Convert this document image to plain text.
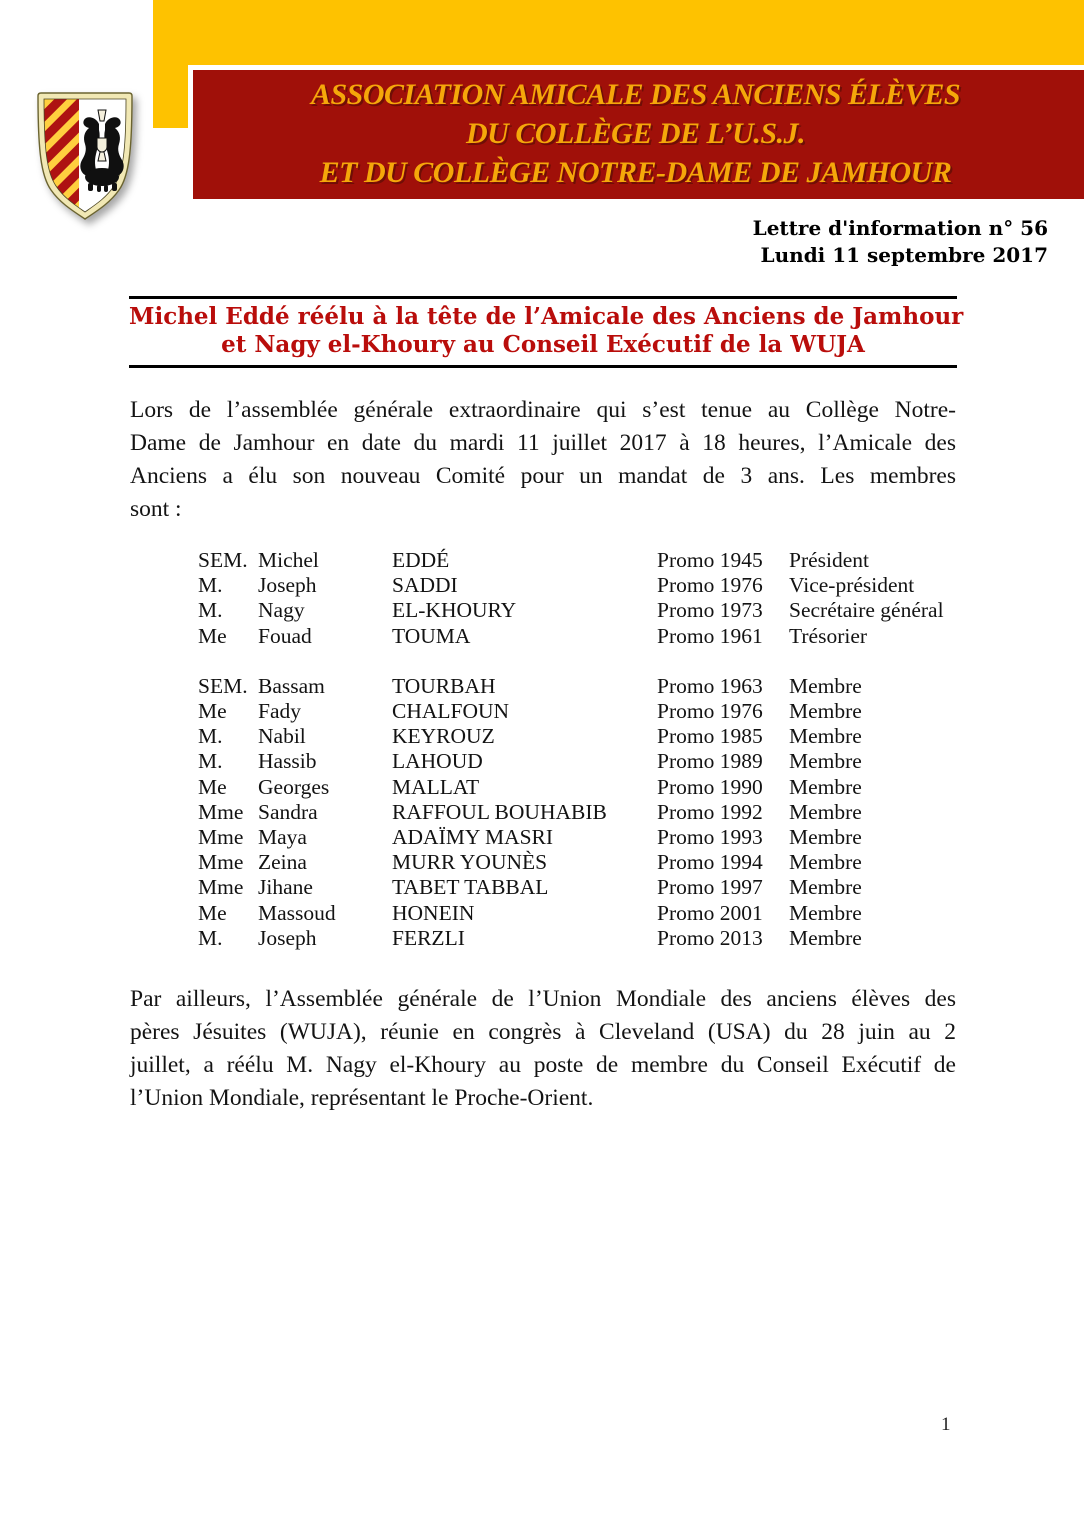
ASSOCIATION AMICALE DES ANCIENS ÉLÈVES
DU COLLÈGE DE L’U.S.J.
ET DU COLLÈGE NOTRE-DAME DE JAMHOUR
Lettre d'information n° 56
Lundi 11 septembre 2017
Michel Eddé réélu à la tête de l’Amicale des Anciens de Jamhour
et Nagy el-Khoury au Conseil Exécutif de la WUJA
Lors de l’assemblée générale extraordinaire qui s’est tenue au Collège Notre-
Dame de Jamhour en date du mardi 11 juillet 2017 à 18 heures, l’Amicale des
Anciens a élu son nouveau Comité pour un mandat de 3 ans. Les membres
sont :
SEM. Michel	EDDÉ	Promo 1945	Président
M.	Joseph	SADDI	Promo 1976	Vice-président
M.	Nagy	EL-KHOURY	Promo 1973	Secrétaire général
Me	Fouad	TOUMA	Promo 1961	Trésorier
SEM. Bassam	TOURBAH	Promo 1963	Membre
Me	Fady	CHALFOUN	Promo 1976	Membre
M.	Nabil	KEYROUZ	Promo 1985	Membre
M.	Hassib	LAHOUD	Promo 1989	Membre
Me	Georges	MALLAT	Promo 1990	Membre
Mme Sandra	RAFFOUL BOUHABIB	Promo 1992	Membre
Mme Maya	ADAÏMY MASRI	Promo 1993	Membre
Mme Zeina	MURR YOUNÈS	Promo 1994	Membre
Mme Jihane	TABET TABBAL	Promo 1997	Membre
Me	Massoud	HONEIN	Promo 2001	Membre
M.	Joseph	FERZLI	Promo 2013	Membre
Par ailleurs, l’Assemblée générale de l’Union Mondiale des anciens élèves des
pères Jésuites (WUJA), réunie en congrès à Cleveland (USA) du 28 juin au 2
juillet, a réélu M. Nagy el-Khoury au poste de membre du Conseil Exécutif de
l’Union Mondiale, représentant le Proche-Orient.
1
